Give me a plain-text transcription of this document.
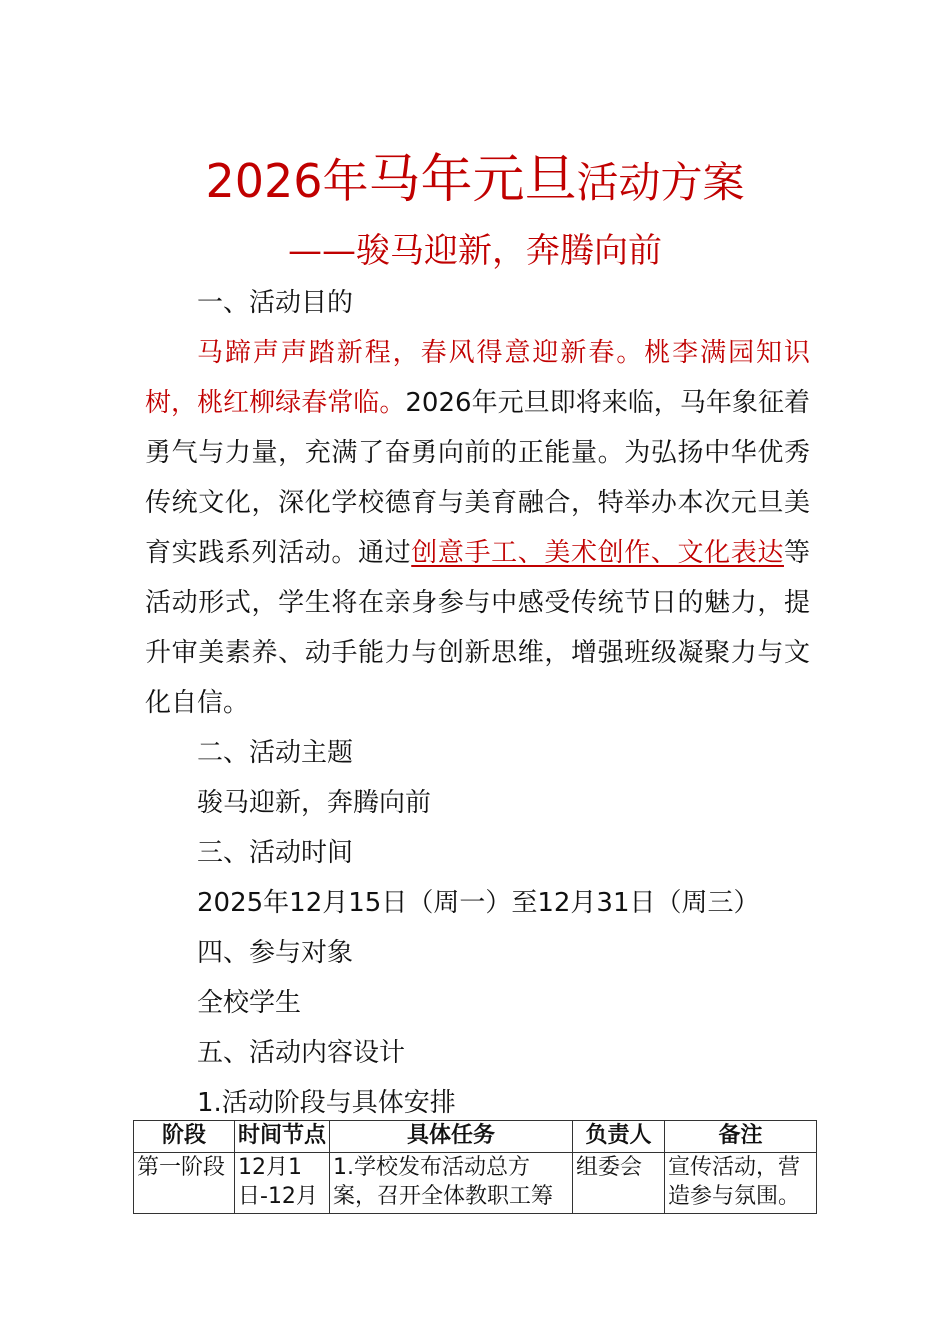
2026年马年元旦活动方案
——骏马迎新，奔腾向前

一、活动目的

马蹄声声踏新程，春风得意迎新春。桃李满园知识树，桃红柳绿春常临。2026年元旦即将来临，马年象征着勇气与力量，充满了奋勇向前的正能量。为弘扬中华优秀传统文化，深化学校德育与美育融合，特举办本次元旦美育实践系列活动。通过创意手工、美术创作、文化表达等活动形式，学生将在亲身参与中感受传统节日的魅力，提升审美素养、动手能力与创新思维，增强班级凝聚力与文化自信。

二、活动主题

骏马迎新，奔腾向前

三、活动时间

2025年12月15日（周一）至12月31日（周三）

四、参与对象

全校学生

五、活动内容设计

1.活动阶段与具体安排

阶段	时间节点	具体任务	负责人	备注

第一阶段	12月1日-12月	1.学校发布活动总方案，召开全体教职工筹	组委会	宣传活动，营造参与氛围。
